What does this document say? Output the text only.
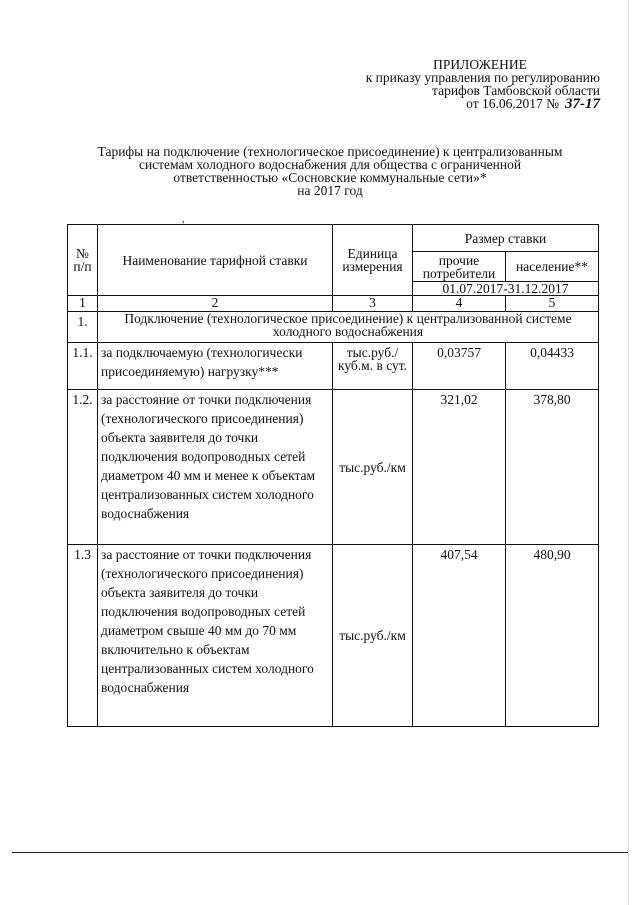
ПРИЛОЖЕНИЕ
к приказу управления по регулированию
тарифов Тамбовской области
от 16.06.2017 № 37-17
Тарифы на подключение (технологическое присоединение) к централизованным
системам холодного водоснабжения для общества с ограниченной
ответственностью «Сосновские коммунальные сети»*
на 2017 год
,
№ п/п	Наименование тарифной ставки	Единица измерения	Размер ставки	
			прочие потребители	население**
			01.07.2017-31.12.2017	
1	2	3	4	5
1.	Подключение (технологическое присоединение) к централизованной системе холодного водоснабжения			
1.1.	за подключаемую (технологически присоединяемую) нагрузку***	тыс.руб./ куб.м. в сут.	0,03757	0,04433
1.2.	за расстояние от точки подключения (технологического присоединения) объекта заявителя до точки подключения водопроводных сетей диаметром 40 мм и менее к объектам централизованных систем холодного водоснабжения	тыс.руб./км	321,02	378,80
1.3	за расстояние от точки подключения (технологического присоединения) объекта заявителя до точки подключения водопроводных сетей диаметром свыше 40 мм до 70 мм включительно к объектам централизованных систем холодного водоснабжения	тыс.руб./км	407,54	480,90
